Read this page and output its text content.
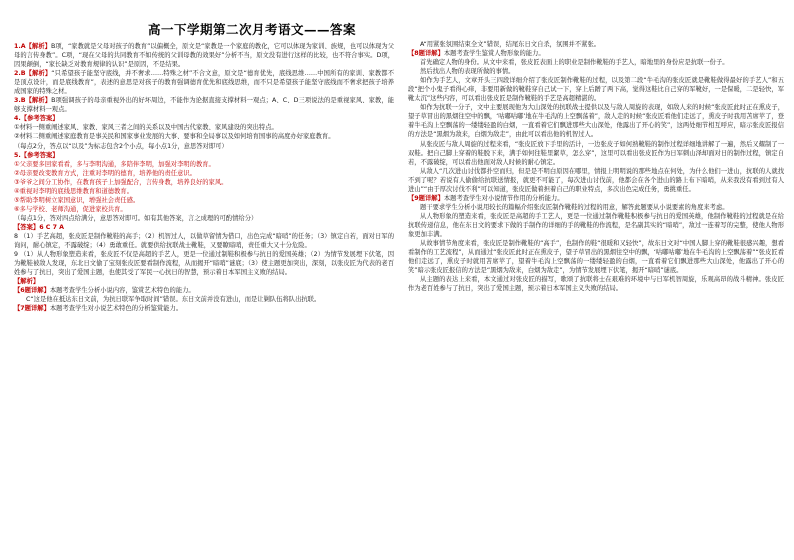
高一下学期第二次月考语文——答案

1.A【解析】B项，“家教就是父母对孩子的教育”以偏概全，原文是“家教是一个家庭的教化，它可以体现为家训、族规，也可以体现为父母的言传身教”。C项，“现在父母的共同教育不如传统的父训母教的效果好”分析不当，原文没有进行这样的比较，也不符合事实。D项，因果颠倒，“家长缺乏对教育规律的认识”是原因，不是结果。

2.B【解析】“只希望孩子能坚守底线，并不奢求……特殊之材”不合文意，原文是“德育优先，底线思维……中国所有的家训、家教都不是顶点设计，而是底线教育”，表述的意思是对孩子的教育强调德育优先和底线思维，而不只是希望孩子能坚守底线而不奢求把孩子培养成国家的特殊之材。

3.B【解析】B项强调孩子的母亲重视外出的好坏周边，不能作为论据直接支撑材料一观点；A、C、D三项说法的是重视家风、家教，能够支撑材料一观点。

4.【参考答案】

①材料一侧重阐述家风、家教、家风三者之间的关系以及中国古代家教、家风建设的突出特点。

②材料二侧重阐述家庭教育是事关民和国家事业发展的大事、要事和全局事以及如何培育国事的高度办好家庭教育。

（每点2分，答点以“以及”为标志包含2个小点，每小点1分，意思答对即可）

5.【参考答案】

①父亲要多回家看看，多与李明沟通，多陪伴李明，加强对李明的教育。

②母亲要改变教育方式，注重对李明的德育，培养他的责任意识。

③爷爷之间分工协作，在教育孩子上加强配合，言传身教，培养良好的家风。

④重视对李明的底线思维教育和道德教育。

⑤帮助李明树立家国意识，增强社会责任感。

⑥多与学校、老师沟通，促进家校共育。

（每点1分，答对四点给满分，意思答对即可。如有其他答案，言之成理的可酌情给分）

【答案】6 C 7 A

8 （1）手艺高超，张皮匠是制作靴鞋的高手；（2）机智过人，以做草留情为借口，出色完成“暗哨”的任务；（3）镇定自若，面对日军的询问，耐心镇定，不露破绽；（4）勇敢重任。就要供给抗联战士靴鞋，又要瞭暗哨，责任重大又十分危险。

9 （1）从人物形象塑造来看，张皮匠不仅是高超的手艺人，更是一位通过制鞋积极参与抗日的爱国英雄；（2）为情节发展埋下伏笔，因为靴鞋被敌人发现，东北日文偷了宝刻张皮匠要看制作流程，从而揭开“暗哨”谜底；（3）使主题更加突出，深刻，以张皮匠为代表的老百姓参与了抗日，突出了爱国主题，也使其受了军民一心抗日的智慧，预示着日本军国主义败的结局。

【解析】

【6题详解】本题考查学生分析小说内容，鉴赏艺术特色的能力。

C“这是他在抵达东日文前，为抗日联军争取时间”错误。东日文前并没有进山，而是让剿队伍将队出抗联。

【7题详解】本题考查学生对小说艺术特色的分析鉴赏能力。

A“用紧张氛围结束全文”错误，结尾东日文自杀，氛围并不紧张。

【8题详解】本题考查学生鉴赏人物形象的能力。

首先确定人物的身份。从文中来看，张皮匠表面上的职业是制作靴鞋的手艺人，暗地里的身份应是抗联一份子。

然后找出人物的表现所做的事情。

如作为手艺人，文章开头三四段详细介绍了张皮匠制作靴鞋的过程，以及第二段“牛毛沟的张皮匠就是靴鞋做得最好的手艺人”和五段“把个小鬼子看得心痒，非要用新做的靴鞋穿自己试一下，穿上后蹭了两下高，觉得这鞋比自己穿的军靴好，一是保暖，二是轻快，军靴太沉”这些内容，可以看出张皮匠是制作靴鞋的手艺是高超精湛的。

如作为抗联一分子，文中主要展现他为大山深处的抗联战士提供以及与敌人周旋的表现，如敌人来的时候“张皮匠此时正在熏皮子，望子草冒出的黑烟往空中的飘，‘咕嘟咕嘟’地在牛毛沟的上空飘荡着”，敌人走的时候“张皮匠看他们走远了，熏皮子时我用苫席苹了，登着牛毛沟上空飘荡的一缕缕轻盈的白烟，一直看着它们飘进那些大山深处，他露出了开心的笑”，这两处细节相互呼应，暗示张皮匠报信的方法是“黑烟为敌来，白烟为敌走”，由此可以看出他的机智过人。

从张皮匠与敌人周旋的过程来看，“张皮匠放下手里的活计，一边张皮子如何熟靴鞋的制作过程详细地讲解了一遍，然后又耀制了一双鞋。把自己脚上穿着的鞋脱下来，满手如何往鞋里絮草，怎么穿”，这里可以看出张皮匠作为日军刺山泽却面对日的制作过程，镇定自若，不露破绽，可以看出他面对敌人时候的耐心镇定。

从敌人“几次进山讨伐都扑空而归，但是是不明白原因在哪里，情报上明明说的那些地点在何处，为什么他们一进山，抗联的人就找不到了呢？若说有人偷偷给抗联送情报，就更不可能了，每次进山讨伐前，他都会在各个进山的路上布下暗哨，从来我没有看到过有人进山”“由于厚次讨伐不利”可以知道，张皮匠做着担着自己的职业特点，多次出色完成任务，勇挑重任。

【9题详解】本题考查学生对小说情节作用的分析能力。

题干要求学生分析小说用较长的篇幅介绍张皮匠制作靴鞋的过程的用意，解答此题要从小说要素的角度来考虑。

从人物形象的塑造来看，张皮匠是高超的手工艺人，更是一位通过制作靴鞋积极参与抗日的爱国英雄，他制作靴鞋的过程就是在给抗联传递信息，他在东日文的要求下做的手制作的详细的手的靴鞋的作流程，是名副其实的“暗哨”，敌过一连着写的完整，使他人物形象更加丰满。

从故事情节角度来看，张皮匠是制作靴鞋的“高手”，也制作的鞋“很暖和又轻快”，故东日文对“中国人脚上穿的靴鞋很感兴趣，想看看制作的工艺流程”，从而通过“张皮匠此时正在熏皮子，望子草冒出的黑烟往空中的飘，‘咕嘟咕嘟’地在牛毛沟的上空飘荡着”“张皮匠看他们走远了，熏皮子时就用苫席苹了，望着牛毛沟上空飘荡的一缕缕轻盈的白烟，一直看着它们飘进那些大山深处，他露出了开心的笑”暗示张皮匠报信的方法是“黑烟为敌来，白烟为敌走”，为情节发展埋下伏笔，揭开“暗哨”谜底。

从主题的表达上来看，本文通过对张皮匠的描写，歌颂了抗联将士在艰难的环境中与日军机智周旋，乐观高昂的战斗精神。张皮匠作为老百姓参与了抗日，突出了爱国主题，预示着日本军国主义失败的结局。
